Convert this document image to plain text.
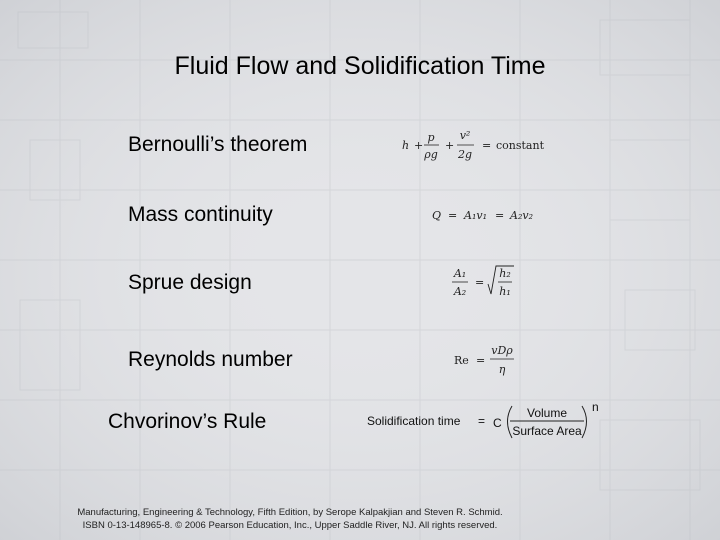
Fluid Flow and Solidification Time
Bernoulli’s theorem
Mass continuity
Sprue design
Reynolds number
Chvorinov’s Rule
h +
p
ρg
+
v²
2g
= constant
Q = A₁v₁ = A₂v₂
A₁
A₂
=
h₂
h₁
Re =
vDρ
η
Solidification time = C
Volume
Surface Area
n
Manufacturing, Engineering & Technology, Fifth Edition, by Serope Kalpakjian and Steven R. Schmid.
ISBN 0-13-148965-8. © 2006 Pearson Education, Inc., Upper Saddle River, NJ. All rights reserved.
